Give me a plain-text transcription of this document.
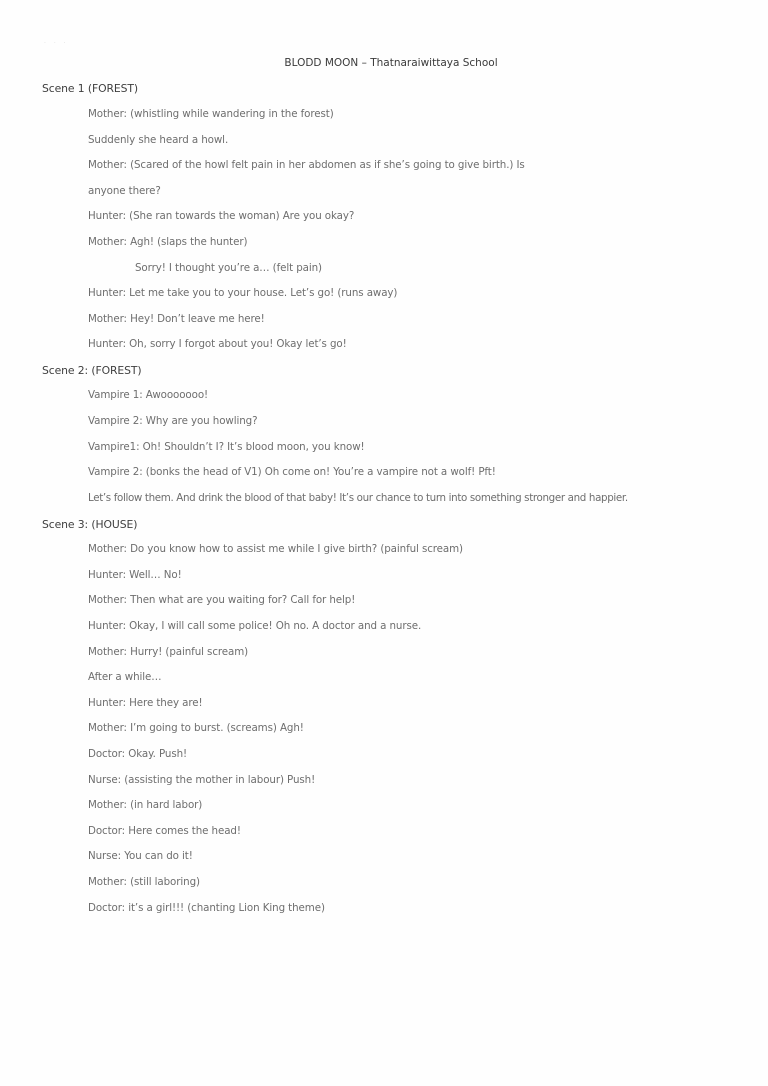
· · ·
BLODD MOON – Thatnaraiwittaya School
Scene 1 (FOREST)
Mother: (whistling while wandering in the forest)
Suddenly she heard a howl.
Mother: (Scared of the howl felt pain in her abdomen as if she’s going to give birth.) Is
anyone there?
Hunter: (She ran towards the woman) Are you okay?
Mother: Agh! (slaps the hunter)
Sorry! I thought you’re a… (felt pain)
Hunter: Let me take you to your house. Let’s go! (runs away)
Mother: Hey! Don’t leave me here!
Hunter: Oh, sorry I forgot about you! Okay let’s go!
Scene 2: (FOREST)
Vampire 1: Awooooooo!
Vampire 2: Why are you howling?
Vampire1: Oh! Shouldn’t I? It’s blood moon, you know!
Vampire 2: (bonks the head of V1) Oh come on! You’re a vampire not a wolf! Pft!
Let’s follow them. And drink the blood of that baby! It’s our chance to turn into something stronger and happier.
Scene 3: (HOUSE)
Mother: Do you know how to assist me while I give birth? (painful scream)
Hunter: Well… No!
Mother: Then what are you waiting for? Call for help!
Hunter: Okay, I will call some police! Oh no. A doctor and a nurse.
Mother: Hurry! (painful scream)
After a while…
Hunter: Here they are!
Mother: I’m going to burst. (screams) Agh!
Doctor: Okay. Push!
Nurse: (assisting the mother in labour) Push!
Mother: (in hard labor)
Doctor: Here comes the head!
Nurse: You can do it!
Mother: (still laboring)
Doctor: it’s a girl!!! (chanting Lion King theme)
